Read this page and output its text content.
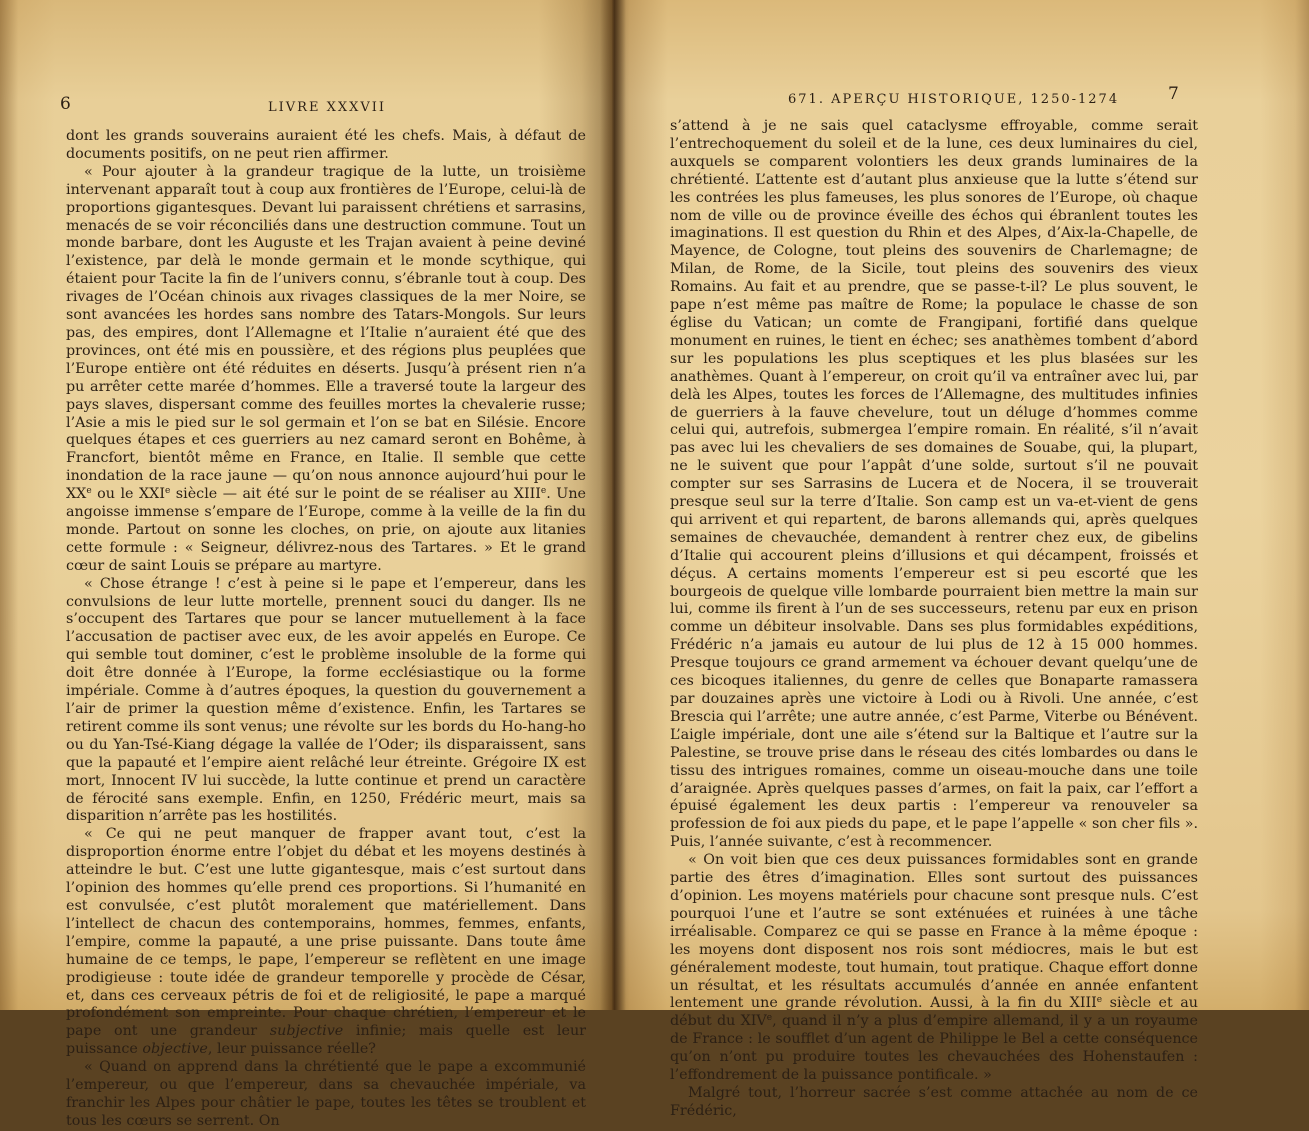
6	LIVRE XXXVII

dont les grands souverains auraient été les chefs. Mais, à défaut de documents positifs, on ne peut rien affirmer.

« Pour ajouter à la grandeur tragique de la lutte, un troisième intervenant apparaît tout à coup aux frontières de l’Europe, celui-là de proportions gigantesques. Devant lui paraissent chrétiens et sarrasins, menacés de se voir réconciliés dans une destruction commune. Tout un monde barbare, dont les Auguste et les Trajan avaient à peine deviné l’existence, par delà le monde germain et le monde scythique, qui étaient pour Tacite la fin de l’univers connu, s’ébranle tout à coup. Des rivages de l’Océan chinois aux rivages classiques de la mer Noire, se sont avancées les hordes sans nombre des Tatars-Mongols. Sur leurs pas, des empires, dont l’Allemagne et l’Italie n’auraient été que des provinces, ont été mis en poussière, et des régions plus peuplées que l’Europe entière ont été réduites en déserts. Jusqu’à présent rien n’a pu arrêter cette marée d’hommes. Elle a traversé toute la largeur des pays slaves, dispersant comme des feuilles mortes la chevalerie russe; l’Asie a mis le pied sur le sol germain et l’on se bat en Silésie. Encore quelques étapes et ces guerriers au nez camard seront en Bohême, à Francfort, bientôt même en France, en Italie. Il semble que cette inondation de la race jaune — qu’on nous annonce aujourd’hui pour le XXe ou le XXIe siècle — ait été sur le point de se réaliser au XIIIe. Une angoisse immense s’empare de l’Europe, comme à la veille de la fin du monde. Partout on sonne les cloches, on prie, on ajoute aux litanies cette formule : « Seigneur, délivrez-nous des Tartares. » Et le grand cœur de saint Louis se prépare au martyre.

« Chose étrange ! c’est à peine si le pape et l’empereur, dans les convulsions de leur lutte mortelle, prennent souci du danger. Ils ne s’occupent des Tartares que pour se lancer mutuellement à la face l’accusation de pactiser avec eux, de les avoir appelés en Europe. Ce qui semble tout dominer, c’est le problème insoluble de la forme qui doit être donnée à l’Europe, la forme ecclésiastique ou la forme impériale. Comme à d’autres époques, la question du gouvernement a l’air de primer la question même d’existence. Enfin, les Tartares se retirent comme ils sont venus; une révolte sur les bords du Ho-hang-ho ou du Yan-Tsé-Kiang dégage la vallée de l’Oder; ils disparaissent, sans que la papauté et l’empire aient relâché leur étreinte. Grégoire IX est mort, Innocent IV lui succède, la lutte continue et prend un caractère de férocité sans exemple. Enfin, en 1250, Frédéric meurt, mais sa disparition n’arrête pas les hostilités.

« Ce qui ne peut manquer de frapper avant tout, c’est la disproportion énorme entre l’objet du débat et les moyens destinés à atteindre le but. C’est une lutte gigantesque, mais c’est surtout dans l’opinion des hommes qu’elle prend ces proportions. Si l’humanité en est convulsée, c’est plutôt moralement que matériellement. Dans l’intellect de chacun des contemporains, hommes, femmes, enfants, l’empire, comme la papauté, a une prise puissante. Dans toute âme humaine de ce temps, le pape, l’empereur se reflètent en une image prodigieuse : toute idée de grandeur temporelle y procède de César, et, dans ces cerveaux pétris de foi et de religiosité, le pape a marqué profondément son empreinte. Pour chaque chrétien, l’empereur et le pape ont une grandeur subjective infinie; mais quelle est leur puissance objective, leur puissance réelle?

« Quand on apprend dans la chrétienté que le pape a excommunié l’empereur, ou que l’empereur, dans sa chevauchée impériale, va franchir les Alpes pour châtier le pape, toutes les têtes se troublent et tous les cœurs se serrent. On

671. APERÇU HISTORIQUE, 1250-1274	7

s’attend à je ne sais quel cataclysme effroyable, comme serait l’entrechoquement du soleil et de la lune, ces deux luminaires du ciel, auxquels se comparent volontiers les deux grands luminaires de la chrétienté. L’attente est d’autant plus anxieuse que la lutte s’étend sur les contrées les plus fameuses, les plus sonores de l’Europe, où chaque nom de ville ou de province éveille des échos qui ébranlent toutes les imaginations. Il est question du Rhin et des Alpes, d’Aix-la-Chapelle, de Mayence, de Cologne, tout pleins des souvenirs de Charlemagne; de Milan, de Rome, de la Sicile, tout pleins des souvenirs des vieux Romains. Au fait et au prendre, que se passe-t-il? Le plus souvent, le pape n’est même pas maître de Rome; la populace le chasse de son église du Vatican; un comte de Frangipani, fortifié dans quelque monument en ruines, le tient en échec; ses anathèmes tombent d’abord sur les populations les plus sceptiques et les plus blasées sur les anathèmes. Quant à l’empereur, on croit qu’il va entraîner avec lui, par delà les Alpes, toutes les forces de l’Allemagne, des multitudes infinies de guerriers à la fauve chevelure, tout un déluge d’hommes comme celui qui, autrefois, submergea l’empire romain. En réalité, s’il n’avait pas avec lui les chevaliers de ses domaines de Souabe, qui, la plupart, ne le suivent que pour l’appât d’une solde, surtout s’il ne pouvait compter sur ses Sarrasins de Lucera et de Nocera, il se trouverait presque seul sur la terre d’Italie. Son camp est un va-et-vient de gens qui arrivent et qui repartent, de barons allemands qui, après quelques semaines de chevauchée, demandent à rentrer chez eux, de gibelins d’Italie qui accourent pleins d’illusions et qui décampent, froissés et déçus. A certains moments l’empereur est si peu escorté que les bourgeois de quelque ville lombarde pourraient bien mettre la main sur lui, comme ils firent à l’un de ses successeurs, retenu par eux en prison comme un débiteur insolvable. Dans ses plus formidables expéditions, Frédéric n’a jamais eu autour de lui plus de 12 à 15 000 hommes. Presque toujours ce grand armement va échouer devant quelqu’une de ces bicoques italiennes, du genre de celles que Bonaparte ramassera par douzaines après une victoire à Lodi ou à Rivoli. Une année, c’est Brescia qui l’arrête; une autre année, c’est Parme, Viterbe ou Bénévent. L’aigle impériale, dont une aile s’étend sur la Baltique et l’autre sur la Palestine, se trouve prise dans le réseau des cités lombardes ou dans le tissu des intrigues romaines, comme un oiseau-mouche dans une toile d’araignée. Après quelques passes d’armes, on fait la paix, car l’effort a épuisé également les deux partis : l’empereur va renouveler sa profession de foi aux pieds du pape, et le pape l’appelle « son cher fils ». Puis, l’année suivante, c’est à recommencer.

« On voit bien que ces deux puissances formidables sont en grande partie des êtres d’imagination. Elles sont surtout des puissances d’opinion. Les moyens matériels pour chacune sont presque nuls. C’est pourquoi l’une et l’autre se sont exténuées et ruinées à une tâche irréalisable. Comparez ce qui se passe en France à la même époque : les moyens dont disposent nos rois sont médiocres, mais le but est généralement modeste, tout humain, tout pratique. Chaque effort donne un résultat, et les résultats accumulés d’année en année enfantent lentement une grande révolution. Aussi, à la fin du XIIIe siècle et au début du XIVe, quand il n’y a plus d’empire allemand, il y a un royaume de France : le soufflet d’un agent de Philippe le Bel a cette conséquence qu’on n’ont pu produire toutes les chevauchées des Hohenstaufen : l’effondrement de la puissance pontificale. »

Malgré tout, l’horreur sacrée s’est comme attachée au nom de ce Frédéric,
